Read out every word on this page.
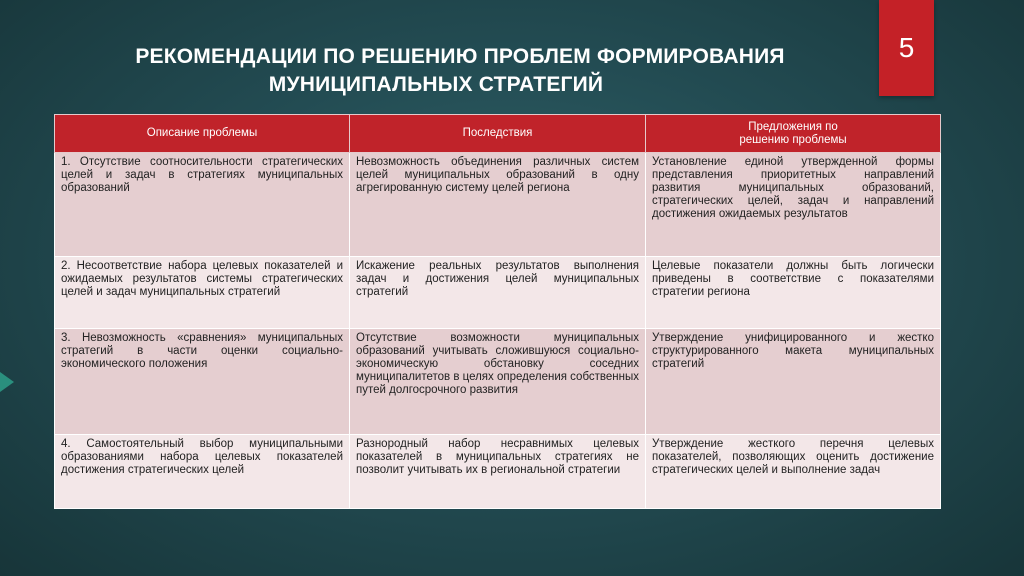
5
РЕКОМЕНДАЦИИ ПО РЕШЕНИЮ ПРОБЛЕМ ФОРМИРОВАНИЯ
МУНИЦИПАЛЬНЫХ СТРАТЕГИЙ
Описание проблемы	Последствия	Предложения по решению проблемы
1. Отсутствие соотносительности стратегических целей и задач в стратегиях муниципальных образований	Невозможность объединения различных систем целей муниципальных образований в одну агрегированную систему целей региона	Установление единой утвержденной формы представления приоритетных направлений развития муниципальных образований, стратегических целей, задач и направлений достижения ожидаемых результатов
2. Несоответствие набора целевых показателей и ожидаемых результатов системы стратегических целей и задач муниципальных стратегий	Искажение реальных результатов выполнения задач и достижения целей муниципальных стратегий	Целевые показатели должны быть логически приведены в соответствие с показателями стратегии региона
3. Невозможность «сравнения» муниципальных стратегий в части оценки социально-экономического положения	Отсутствие возможности муниципальных образований учитывать сложившуюся социально-экономическую обстановку соседних муниципалитетов в целях определения собственных путей долгосрочного развития	Утверждение унифицированного и жестко структурированного макета муниципальных стратегий
4. Самостоятельный выбор муниципальными образованиями набора целевых показателей достижения стратегических целей	Разнородный набор несравнимых целевых показателей в муниципальных стратегиях не позволит учитывать их в региональной стратегии	Утверждение жесткого перечня целевых показателей, позволяющих оценить достижение стратегических целей и выполнение задач
